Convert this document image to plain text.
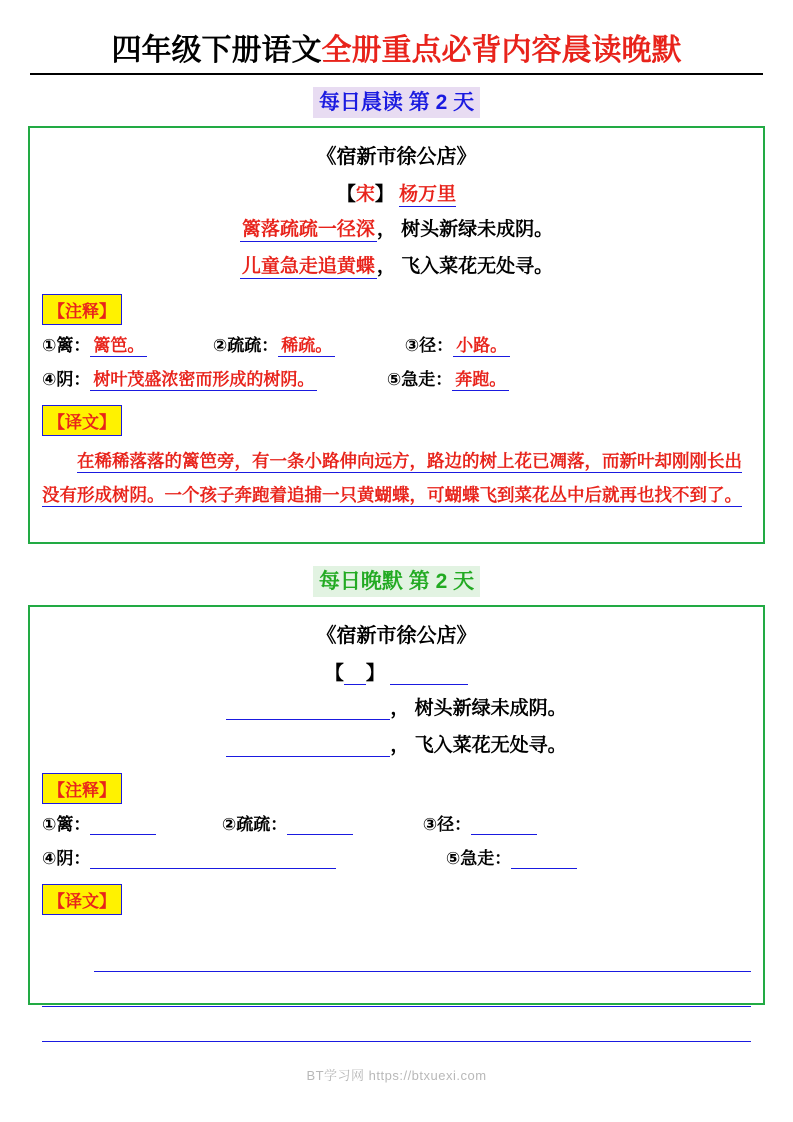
四年级下册语文全册重点必背内容晨读晚默
每日晨读 第 2 天
《宿新市徐公店》
【宋】 杨万里
篱落疏疏一径深 ， 树头新绿未成阴。
儿童急走追黄蝶 ， 飞入菜花无处寻。
【注释】
①篱： 篱笆。	②疏疏： 稀疏。	③径： 小路。
④阴： 树叶茂盛浓密而形成的树阴。	⑤急走： 奔跑。
【译文】
在稀稀落落的篱笆旁，有一条小路伸向远方，路边的树上花已凋落，而新叶却刚刚长出没有形成树阴。一个孩子奔跑着追捕一只黄蝴蝶，可蝴蝶飞到菜花丛中后就再也找不到了。
每日晚默 第 2 天
《宿新市徐公店》
【 】
， 树头新绿未成阴。
， 飞入菜花无处寻。
【注释】
①篱：	②疏疏：	③径：
④阴：	⑤急走：
【译文】
BT学习网 https://btxuexi.com
